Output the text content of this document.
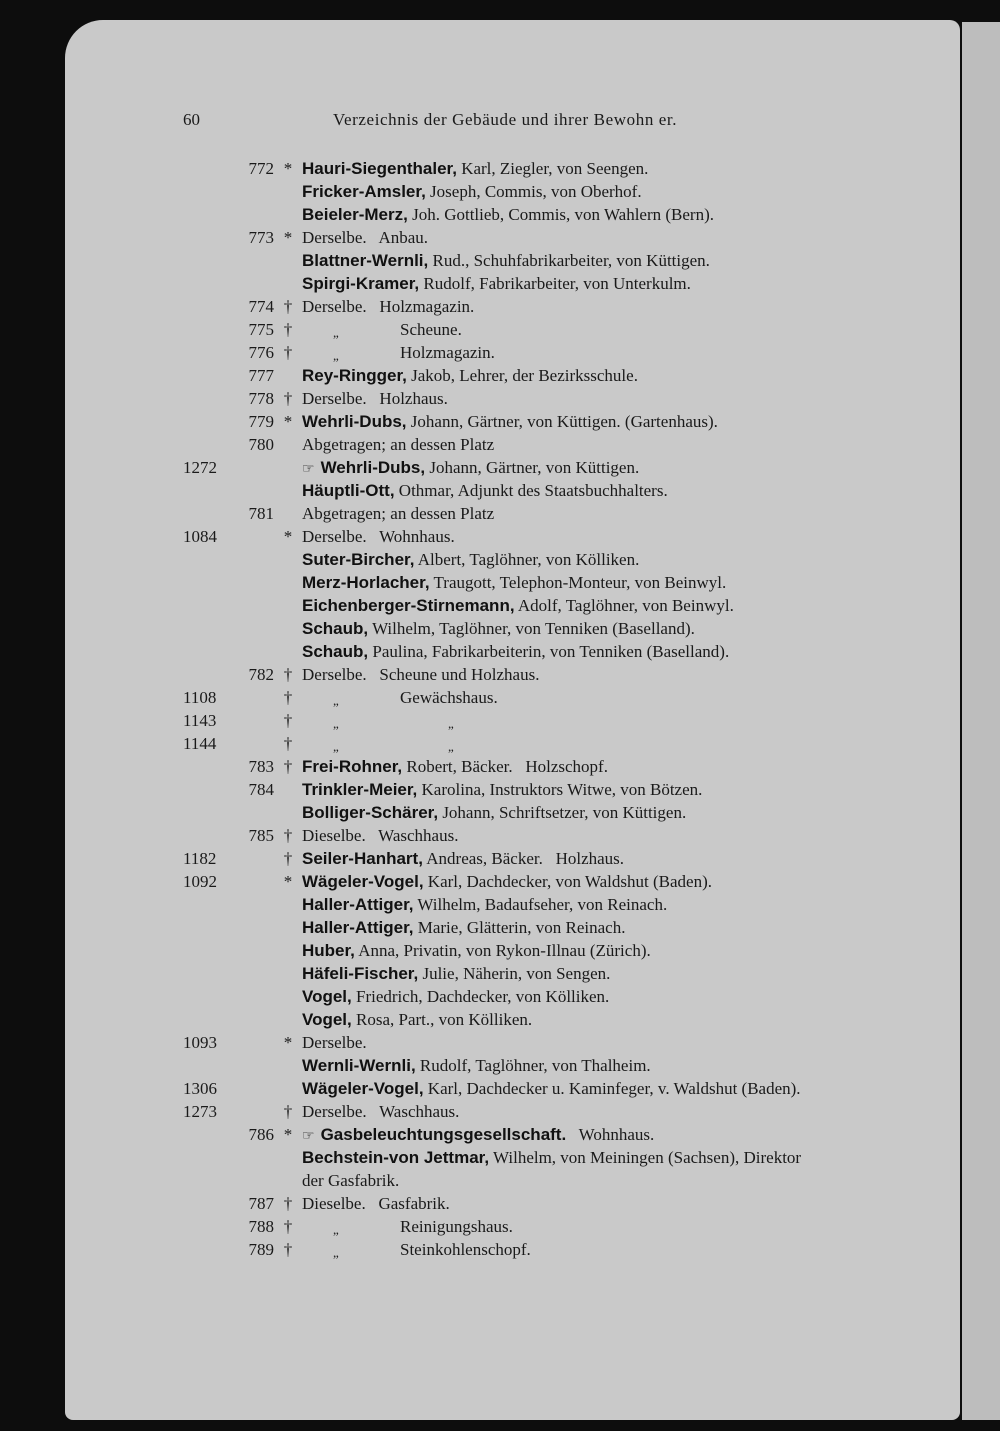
60	Verzeichnis der Gebäude und ihrer Bewohn er.
772 * Hauri-Siegenthaler, Karl, Ziegler, von Seengen.
Fricker-Amsler, Joseph, Commis, von Oberhof.
Beieler-Merz, Joh. Gottlieb, Commis, von Wahlern (Bern).
773 * Derselbe.   Anbau.
Blattner-Wernli, Rud., Schuhfabrikarbeiter, von Küttigen.
Spirgi-Kramer, Rudolf, Fabrikarbeiter, von Unterkulm.
774 † Derselbe.   Holzmagazin.
775 †	„	Scheune.
776 †	„	Holzmagazin.
777 Rey-Ringger, Jakob, Lehrer, der Bezirksschule.
778 † Derselbe.   Holzhaus.
779 * Wehrli-Dubs, Johann, Gärtner, von Küttigen. (Gartenhaus).
780 Abgetragen; an dessen Platz
1272	☞ Wehrli-Dubs, Johann, Gärtner, von Küttigen.
Häuptli-Ott, Othmar, Adjunkt des Staatsbuchhalters.
781 Abgetragen; an dessen Platz
1084	* Derselbe.   Wohnhaus.
Suter-Bircher, Albert, Taglöhner, von Kölliken.
Merz-Horlacher, Traugott, Telephon-Monteur, von Beinwyl.
Eichenberger-Stirnemann, Adolf, Taglöhner, von Beinwyl.
Schaub, Wilhelm, Taglöhner, von Tenniken (Baselland).
Schaub, Paulina, Fabrikarbeiterin, von Tenniken (Baselland).
782 † Derselbe.   Scheune und Holzhaus.
1108	†	„	Gewächshaus.
1143	†	„	„
1144	†	„	„
783 † Frei-Rohner, Robert, Bäcker.   Holzschopf.
784 Trinkler-Meier, Karolina, Instruktors Witwe, von Bötzen.
Bolliger-Schärer, Johann, Schriftsetzer, von Küttigen.
785 † Dieselbe.   Waschhaus.
1182	† Seiler-Hanhart, Andreas, Bäcker.   Holzhaus.
1092	* Wägeler-Vogel, Karl, Dachdecker, von Waldshut (Baden).
Haller-Attiger, Wilhelm, Badaufseher, von Reinach.
Haller-Attiger, Marie, Glätterin, von Reinach.
Huber, Anna, Privatin, von Rykon-Illnau (Zürich).
Häfeli-Fischer, Julie, Näherin, von Sengen.
Vogel, Friedrich, Dachdecker, von Kölliken.
Vogel, Rosa, Part., von Kölliken.
1093	* Derselbe.
Wernli-Wernli, Rudolf, Taglöhner, von Thalheim.
1306	Wägeler-Vogel, Karl, Dachdecker u. Kaminfeger, v. Waldshut (Baden).
1273	† Derselbe.   Waschhaus.
786 * ☞ Gasbeleuchtungsgesellschaft.   Wohnhaus.
Bechstein-von Jettmar, Wilhelm, von Meiningen (Sachsen), Direktor
der Gasfabrik.
787 † Dieselbe.   Gasfabrik.
788 †	„	Reinigungshaus.
789 †	„	Steinkohlenschopf.
